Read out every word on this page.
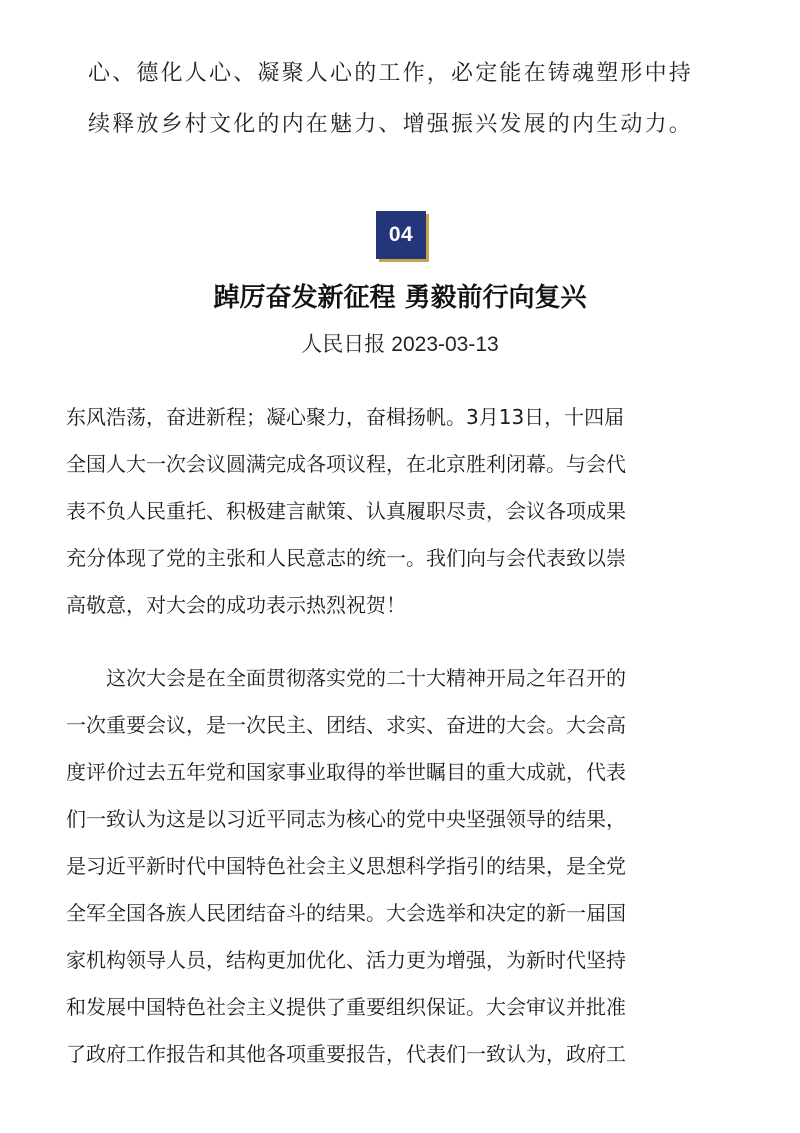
心、德化人心、凝聚人心的工作，必定能在铸魂塑形中持
续释放乡村文化的内在魅力、增强振兴发展的内生动力。
04
踔厉奋发新征程 勇毅前行向复兴
人民日报 2023-03-13
东风浩荡，奋进新程；凝心聚力，奋楫扬帆。3月13日，十四届
全国人大一次会议圆满完成各项议程，在北京胜利闭幕。与会代
表不负人民重托、积极建言献策、认真履职尽责，会议各项成果
充分体现了党的主张和人民意志的统一。我们向与会代表致以崇
高敬意，对大会的成功表示热烈祝贺！
　　这次大会是在全面贯彻落实党的二十大精神开局之年召开的
一次重要会议，是一次民主、团结、求实、奋进的大会。大会高
度评价过去五年党和国家事业取得的举世瞩目的重大成就，代表
们一致认为这是以习近平同志为核心的党中央坚强领导的结果，
是习近平新时代中国特色社会主义思想科学指引的结果，是全党
全军全国各族人民团结奋斗的结果。大会选举和决定的新一届国
家机构领导人员，结构更加优化、活力更为增强，为新时代坚持
和发展中国特色社会主义提供了重要组织保证。大会审议并批准
了政府工作报告和其他各项重要报告，代表们一致认为，政府工
